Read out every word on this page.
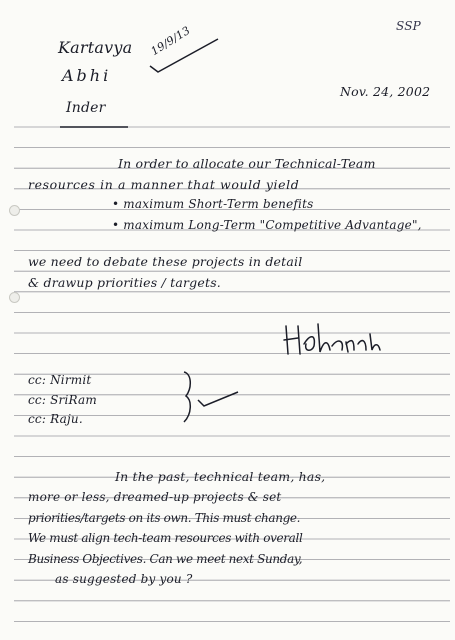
SSP
Kartavya
Abhi
Inder
19/9/13
Nov. 24, 2002
In order to allocate our Technical-Team
resources in a manner that would yield
• maximum Short-Term benefits
• maximum Long-Term "Competitive Advantage",
we need to debate these projects in detail
& drawup priorities / targets.
cc: Nirmit
cc: SriRam
cc: Raju.
In the past, technical team, has,
more or less, dreamed-up projects & set
priorities/targets on its own. This must change.
We must align tech-team resources with overall
Business Objectives. Can we meet next Sunday,
as suggested by you ?
